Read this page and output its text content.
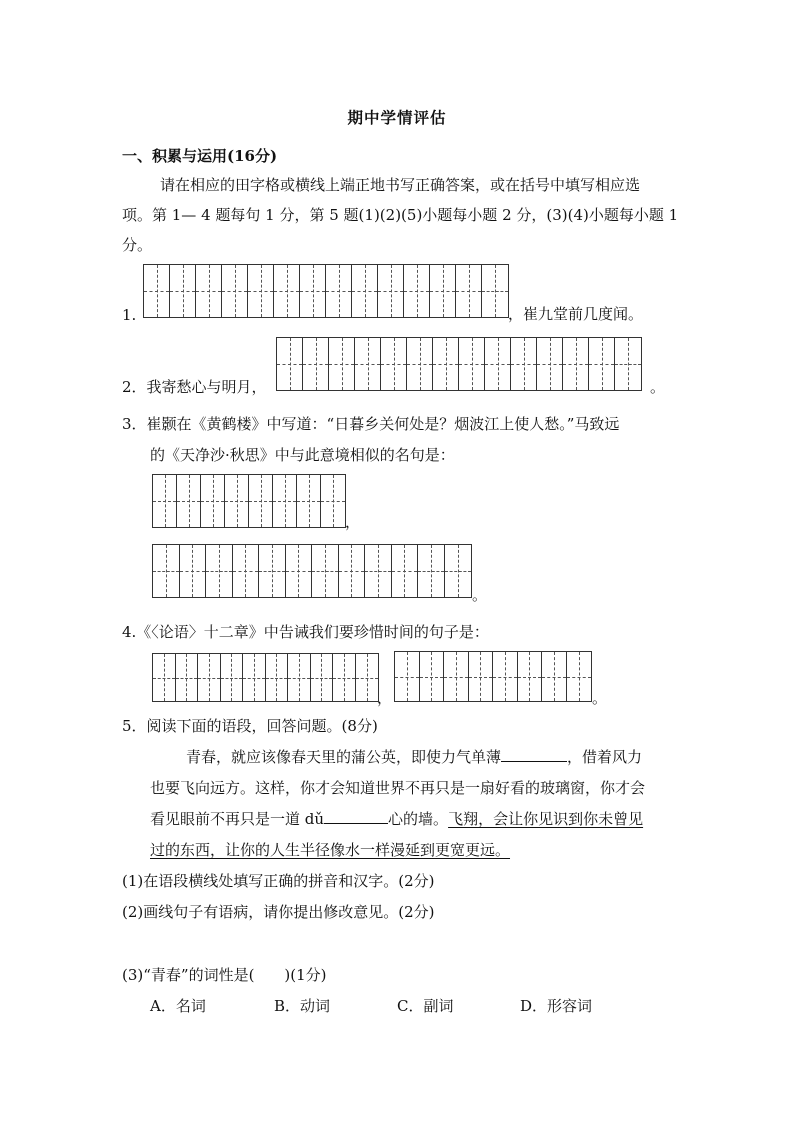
期中学情评估
一、积累与运用(16分)
请在相应的田字格或横线上端正地书写正确答案，或在括号中填写相应选
项。第 1— 4 题每句 1 分，第 5 题(1)(2)(5)小题每小题 2 分，(3)(4)小题每小题 1
分。
1.	，崔九堂前几度闻。
2．我寄愁心与明月，	。
3．崔颢在《黄鹤楼》中写道：“日暮乡关何处是？烟波江上使人愁。”马致远
的《天净沙·秋思》中与此意境相似的名句是：
，
。
4.《〈论语〉十二章》中告诫我们要珍惜时间的句子是：
，	。
5．阅读下面的语段，回答问题。(8分)
青春，就应该像春天里的蒲公英，即使力气单薄	，借着风力
也要飞向远方。这样，你才会知道世界不再只是一扇好看的玻璃窗，你才会
看见眼前不再只是一道 dǔ	心的墙。飞翔，会让你见识到你未曾见
过的东西，让你的人生半径像水一样漫延到更宽更远。
(1)在语段横线处填写正确的拼音和汉字。(2分)
(2)画线句子有语病，请你提出修改意见。(2分)
(3)“青春”的词性是(　　)(1分)
A．名词	B．动词	C．副词	D．形容词
